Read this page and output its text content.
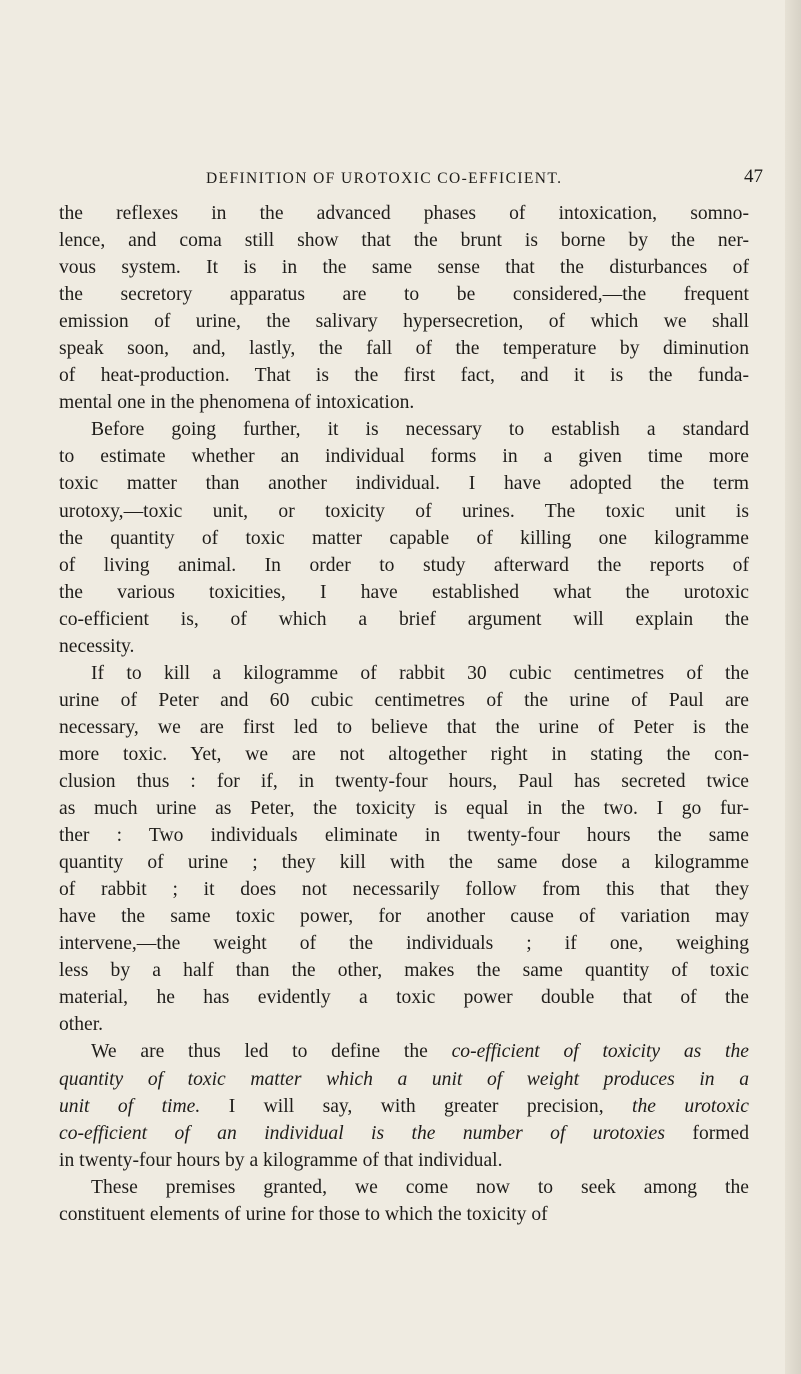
DEFINITION OF UROTOXIC CO-EFFICIENT.	47
the reflexes in the advanced phases of intoxication, somno-
lence, and coma still show that the brunt is borne by the ner-
vous system. It is in the same sense that the disturbances of
the secretory apparatus are to be considered,—the frequent
emission of urine, the salivary hypersecretion, of which we shall
speak soon, and, lastly, the fall of the temperature by diminution
of heat-production. That is the first fact, and it is the funda-
mental one in the phenomena of intoxication.
Before going further, it is necessary to establish a standard
to estimate whether an individual forms in a given time more
toxic matter than another individual. I have adopted the term
urotoxy,—toxic unit, or toxicity of urines. The toxic unit is
the quantity of toxic matter capable of killing one kilogramme
of living animal. In order to study afterward the reports of
the various toxicities, I have established what the urotoxic
co-efficient is, of which a brief argument will explain the
necessity.
If to kill a kilogramme of rabbit 30 cubic centimetres of the
urine of Peter and 60 cubic centimetres of the urine of Paul are
necessary, we are first led to believe that the urine of Peter is the
more toxic. Yet, we are not altogether right in stating the con-
clusion thus : for if, in twenty-four hours, Paul has secreted twice
as much urine as Peter, the toxicity is equal in the two. I go fur-
ther : Two individuals eliminate in twenty-four hours the same
quantity of urine ; they kill with the same dose a kilogramme
of rabbit ; it does not necessarily follow from this that they
have the same toxic power, for another cause of variation may
intervene,—the weight of the individuals ; if one, weighing
less by a half than the other, makes the same quantity of toxic
material, he has evidently a toxic power double that of the
other.
We are thus led to define the co-efficient of toxicity as the
quantity of toxic matter which a unit of weight produces in a
unit of time. I will say, with greater precision, the urotoxic
co-efficient of an individual is the number of urotoxies formed
in twenty-four hours by a kilogramme of that individual.
These premises granted, we come now to seek among the
constituent elements of urine for those to which the toxicity of
